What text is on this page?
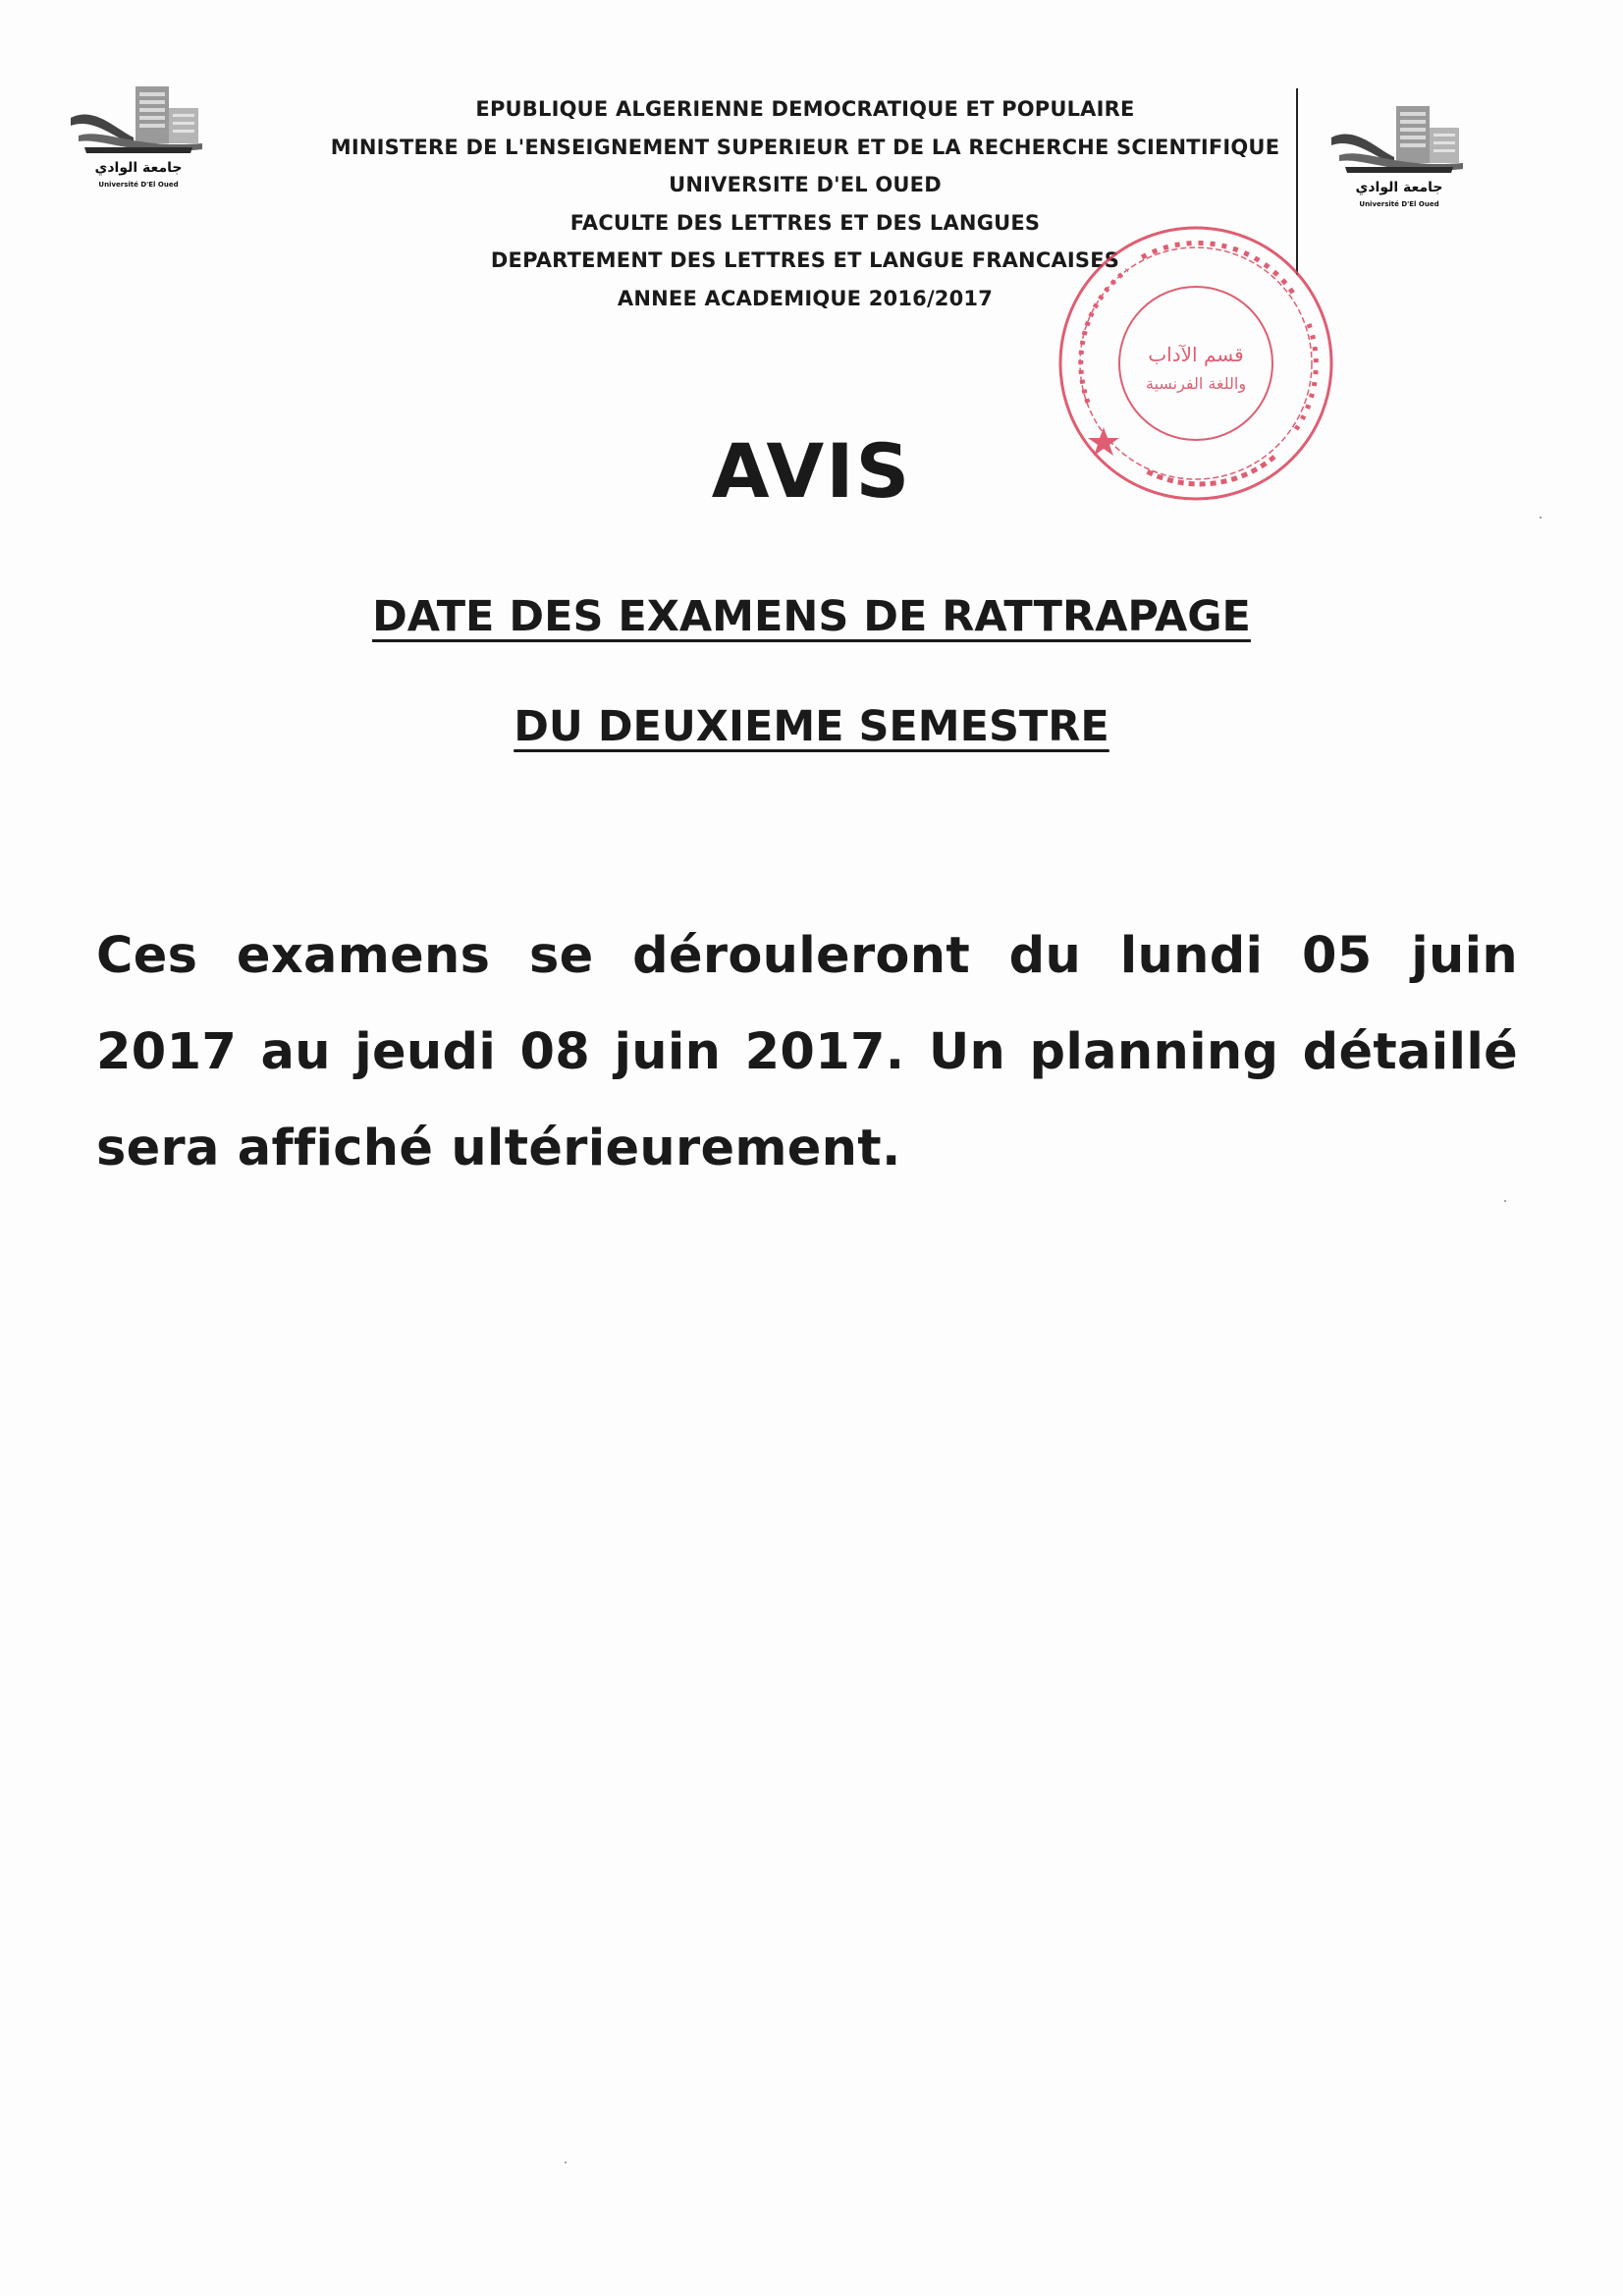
جامعة الوادي
Université D'El Oued	جامعة الوادي
Université D'El Oued
EPUBLIQUE ALGERIENNE DEMOCRATIQUE ET POPULAIRE
MINISTERE DE L'ENSEIGNEMENT SUPERIEUR ET DE LA RECHERCHE SCIENTIFIQUE
UNIVERSITE D'EL OUED
FACULTE DES LETTRES ET DES LANGUES
DEPARTEMENT DES LETTRES ET LANGUE FRANCAISES
ANNEE ACADEMIQUE 2016/2017
قسم الآداب
واللغة الفرنسية
AVIS
DATE DES EXAMENS DE RATTRAPAGE
DU DEUXIEME SEMESTRE
Ces examens se dérouleront du lundi 05 juin 2017 au jeudi 08 juin 2017. Un planning détaillé sera affiché ultérieurement.
